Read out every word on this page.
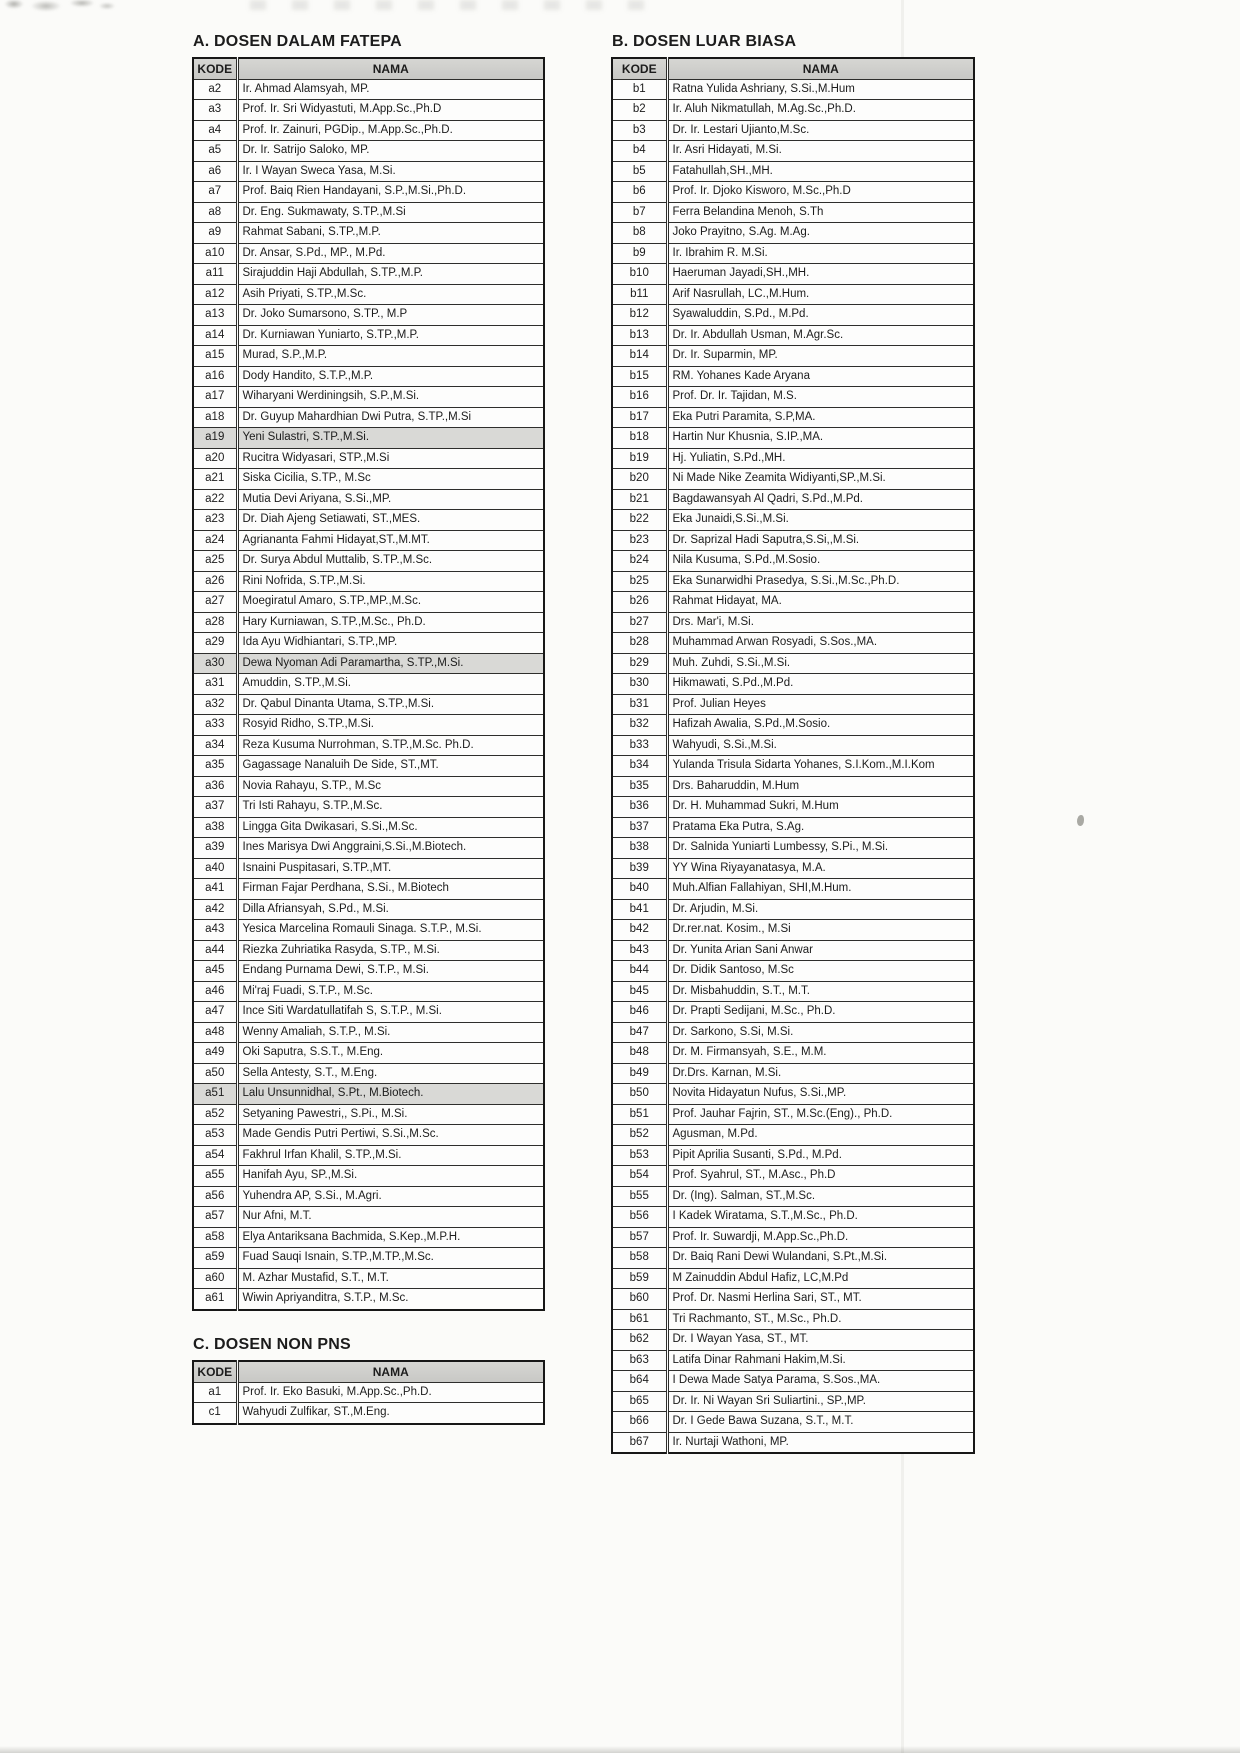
A. DOSEN DALAM FATEPA
KODE	NAMA
a2	Ir. Ahmad Alamsyah, MP.
a3	Prof. Ir. Sri Widyastuti, M.App.Sc.,Ph.D
a4	Prof. Ir. Zainuri, PGDip., M.App.Sc.,Ph.D.
a5	Dr. Ir. Satrijo Saloko, MP.
a6	Ir. I Wayan Sweca Yasa, M.Si.
a7	Prof. Baiq Rien Handayani, S.P.,M.Si.,Ph.D.
a8	Dr. Eng. Sukmawaty, S.TP.,M.Si
a9	Rahmat Sabani, S.TP.,M.P.
a10	Dr. Ansar, S.Pd., MP., M.Pd.
a11	Sirajuddin Haji Abdullah, S.TP.,M.P.
a12	Asih Priyati, S.TP.,M.Sc.
a13	Dr. Joko Sumarsono, S.TP., M.P
a14	Dr. Kurniawan Yuniarto, S.TP.,M.P.
a15	Murad, S.P.,M.P.
a16	Dody Handito, S.T.P.,M.P.
a17	Wiharyani Werdiningsih, S.P.,M.Si.
a18	Dr. Guyup Mahardhian Dwi Putra, S.TP.,M.Si
a19	Yeni Sulastri, S.TP.,M.Si.
a20	Rucitra Widyasari, STP.,M.Si
a21	Siska Cicilia, S.TP., M.Sc
a22	Mutia Devi Ariyana, S.Si.,MP.
a23	Dr. Diah Ajeng Setiawati, ST.,MES.
a24	Agriananta Fahmi Hidayat,ST.,M.MT.
a25	Dr. Surya Abdul Muttalib, S.TP.,M.Sc.
a26	Rini Nofrida, S.TP.,M.Si.
a27	Moegiratul Amaro, S.TP.,MP.,M.Sc.
a28	Hary Kurniawan, S.TP.,M.Sc., Ph.D.
a29	Ida Ayu Widhiantari, S.TP.,MP.
a30	Dewa Nyoman Adi Paramartha, S.TP.,M.Si.
a31	Amuddin, S.TP.,M.Si.
a32	Dr. Qabul Dinanta Utama, S.TP.,M.Si.
a33	Rosyid Ridho, S.TP.,M.Si.
a34	Reza Kusuma Nurrohman, S.TP.,M.Sc. Ph.D.
a35	Gagassage Nanaluih De Side, ST.,MT.
a36	Novia Rahayu, S.TP., M.Sc
a37	Tri Isti Rahayu, S.TP.,M.Sc.
a38	Lingga Gita Dwikasari, S.Si.,M.Sc.
a39	Ines Marisya Dwi Anggraini,S.Si.,M.Biotech.
a40	Isnaini Puspitasari, S.TP.,MT.
a41	Firman Fajar Perdhana, S.Si., M.Biotech
a42	Dilla Afriansyah, S.Pd., M.Si.
a43	Yesica Marcelina Romauli Sinaga. S.T.P., M.Si.
a44	Riezka Zuhriatika Rasyda, S.TP., M.Si.
a45	Endang Purnama Dewi, S.T.P., M.Si.
a46	Mi'raj Fuadi, S.T.P., M.Sc.
a47	Ince Siti Wardatullatifah S, S.T.P., M.Si.
a48	Wenny Amaliah, S.T.P., M.Si.
a49	Oki Saputra, S.S.T., M.Eng.
a50	Sella Antesty, S.T., M.Eng.
a51	Lalu Unsunnidhal, S.Pt., M.Biotech.
a52	Setyaning Pawestri,, S.Pi., M.Si.
a53	Made Gendis Putri Pertiwi, S.Si.,M.Sc.
a54	Fakhrul Irfan Khalil, S.TP.,M.Si.
a55	Hanifah Ayu, SP.,M.Si.
a56	Yuhendra AP, S.Si., M.Agri.
a57	Nur Afni, M.T.
a58	Elya Antariksana Bachmida, S.Kep.,M.P.H.
a59	Fuad Sauqi Isnain, S.TP.,M.TP.,M.Sc.
a60	M. Azhar Mustafid, S.T., M.T.
a61	Wiwin Apriyanditra, S.T.P., M.Sc.
B. DOSEN LUAR BIASA
KODE	NAMA
b1	Ratna Yulida Ashriany, S.Si.,M.Hum
b2	Ir. Aluh Nikmatullah, M.Ag.Sc.,Ph.D.
b3	Dr. Ir. Lestari Ujianto,M.Sc.
b4	Ir. Asri Hidayati, M.Si.
b5	Fatahullah,SH.,MH.
b6	Prof. Ir. Djoko Kisworo, M.Sc.,Ph.D
b7	Ferra Belandina Menoh, S.Th
b8	Joko Prayitno, S.Ag. M.Ag.
b9	Ir. Ibrahim R. M.Si.
b10	Haeruman Jayadi,SH.,MH.
b11	Arif Nasrullah, LC.,M.Hum.
b12	Syawaluddin, S.Pd., M.Pd.
b13	Dr. Ir. Abdullah Usman, M.Agr.Sc.
b14	Dr. Ir. Suparmin, MP.
b15	RM. Yohanes Kade Aryana
b16	Prof. Dr. Ir. Tajidan, M.S.
b17	Eka Putri Paramita, S.P,MA.
b18	Hartin Nur Khusnia, S.IP.,MA.
b19	Hj. Yuliatin, S.Pd.,MH.
b20	Ni Made Nike Zeamita Widiyanti,SP.,M.Si.
b21	Bagdawansyah Al Qadri, S.Pd.,M.Pd.
b22	Eka Junaidi,S.Si.,M.Si.
b23	Dr. Saprizal Hadi Saputra,S.Si,,M.Si.
b24	Nila Kusuma, S.Pd.,M.Sosio.
b25	Eka Sunarwidhi Prasedya, S.Si.,M.Sc.,Ph.D.
b26	Rahmat Hidayat, MA.
b27	Drs. Mar'i, M.Si.
b28	Muhammad Arwan Rosyadi, S.Sos.,MA.
b29	Muh. Zuhdi, S.Si.,M.Si.
b30	Hikmawati, S.Pd.,M.Pd.
b31	Prof. Julian Heyes
b32	Hafizah Awalia, S.Pd.,M.Sosio.
b33	Wahyudi, S.Si.,M.Si.
b34	Yulanda Trisula Sidarta Yohanes, S.I.Kom.,M.I.Kom
b35	Drs. Baharuddin, M.Hum
b36	Dr. H. Muhammad Sukri, M.Hum
b37	Pratama Eka Putra, S.Ag.
b38	Dr. Salnida Yuniarti Lumbessy, S.Pi., M.Si.
b39	YY Wina Riyayanatasya, M.A.
b40	Muh.Alfian Fallahiyan, SHI,M.Hum.
b41	Dr. Arjudin, M.Si.
b42	Dr.rer.nat. Kosim., M.Si
b43	Dr. Yunita Arian Sani Anwar
b44	Dr. Didik Santoso, M.Sc
b45	Dr. Misbahuddin, S.T., M.T.
b46	Dr. Prapti Sedijani, M.Sc., Ph.D.
b47	Dr. Sarkono, S.Si, M.Si.
b48	Dr. M. Firmansyah, S.E., M.M.
b49	Dr.Drs. Karnan, M.Si.
b50	Novita Hidayatun Nufus, S.Si.,MP.
b51	Prof. Jauhar Fajrin, ST., M.Sc.(Eng)., Ph.D.
b52	Agusman, M.Pd.
b53	Pipit Aprilia Susanti, S.Pd., M.Pd.
b54	Prof. Syahrul, ST., M.Asc., Ph.D
b55	Dr. (Ing). Salman, ST.,M.Sc.
b56	I Kadek Wiratama, S.T.,M.Sc., Ph.D.
b57	Prof. Ir. Suwardji, M.App.Sc.,Ph.D.
b58	Dr. Baiq Rani Dewi Wulandani, S.Pt.,M.Si.
b59	M Zainuddin Abdul Hafiz, LC,M.Pd
b60	Prof. Dr. Nasmi Herlina Sari, ST., MT.
b61	Tri Rachmanto, ST., M.Sc., Ph.D.
b62	Dr. I Wayan Yasa, ST., MT.
b63	Latifa Dinar Rahmani Hakim,M.Si.
b64	I Dewa Made Satya Parama, S.Sos.,MA.
b65	Dr. Ir. Ni Wayan Sri Suliartini., SP.,MP.
b66	Dr. I Gede Bawa Suzana, S.T., M.T.
b67	Ir. Nurtaji Wathoni, MP.
C. DOSEN NON PNS
KODE	NAMA
a1	Prof. Ir. Eko Basuki, M.App.Sc.,Ph.D.
c1	Wahyudi Zulfikar, ST.,M.Eng.
